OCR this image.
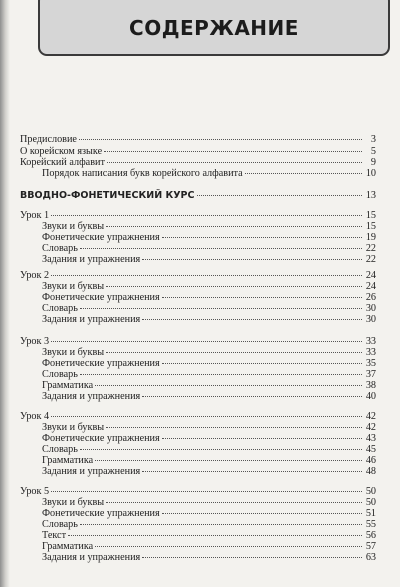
СОДЕРЖАНИЕ
Предисловие	3
О корейском языке	5
Корейский алфавит	9
Порядок написания букв корейского алфавита	10
ВВОДНО-ФОНЕТИЧЕСКИЙ КУРС	13
Урок 1	15
Звуки и буквы	15
Фонетические упражнения	19
Словарь	22
Задания и упражнения	22
Урок 2	24
Звуки и буквы	24
Фонетические упражнения	26
Словарь	30
Задания и упражнения	30
Урок 3	33
Звуки и буквы	33
Фонетические упражнения	35
Словарь	37
Грамматика	38
Задания и упражнения	40
Урок 4	42
Звуки и буквы	42
Фонетические упражнения	43
Словарь	45
Грамматика	46
Задания и упражнения	48
Урок 5	50
Звуки и буквы	50
Фонетические упражнения	51
Словарь	55
Текст	56
Грамматика	57
Задания и упражнения	63
